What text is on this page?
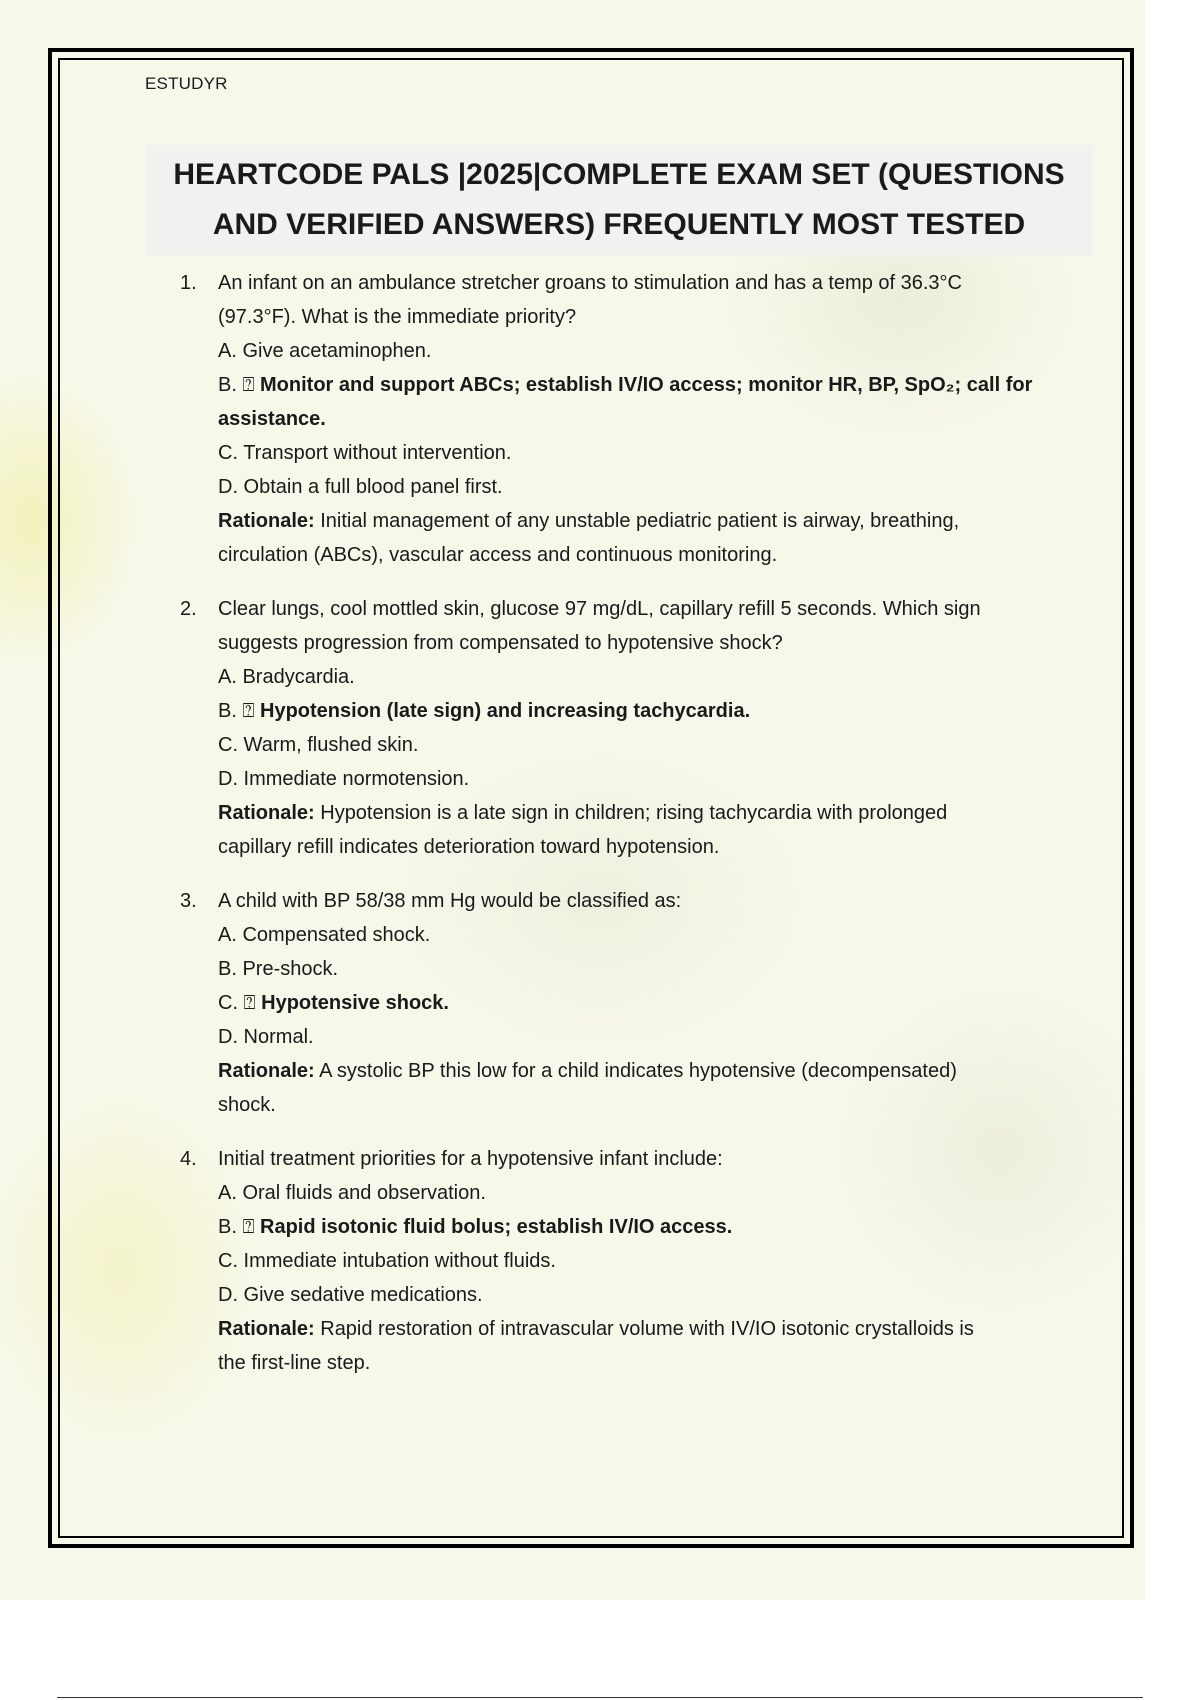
ESTUDYR
HEARTCODE PALS |2025|COMPLETE EXAM SET (QUESTIONS
AND VERIFIED ANSWERS) FREQUENTLY MOST TESTED
1.	An infant on an ambulance stretcher groans to stimulation and has a temp of 36.3°C
(97.3°F). What is the immediate priority?
A. Give acetaminophen.
B. ⍰ Monitor and support ABCs; establish IV/IO access; monitor HR, BP, SpO₂; call for
assistance.
C. Transport without intervention.
D. Obtain a full blood panel first.
Rationale: Initial management of any unstable pediatric patient is airway, breathing,
circulation (ABCs), vascular access and continuous monitoring.
2.	Clear lungs, cool mottled skin, glucose 97 mg/dL, capillary refill 5 seconds. Which sign
suggests progression from compensated to hypotensive shock?
A. Bradycardia.
B. ⍰ Hypotension (late sign) and increasing tachycardia.
C. Warm, flushed skin.
D. Immediate normotension.
Rationale: Hypotension is a late sign in children; rising tachycardia with prolonged
capillary refill indicates deterioration toward hypotension.
3.	A child with BP 58/38 mm Hg would be classified as:
A. Compensated shock.
B. Pre-shock.
C. ⍰ Hypotensive shock.
D. Normal.
Rationale: A systolic BP this low for a child indicates hypotensive (decompensated)
shock.
4.	Initial treatment priorities for a hypotensive infant include:
A. Oral fluids and observation.
B. ⍰ Rapid isotonic fluid bolus; establish IV/IO access.
C. Immediate intubation without fluids.
D. Give sedative medications.
Rationale: Rapid restoration of intravascular volume with IV/IO isotonic crystalloids is
the first-line step.
